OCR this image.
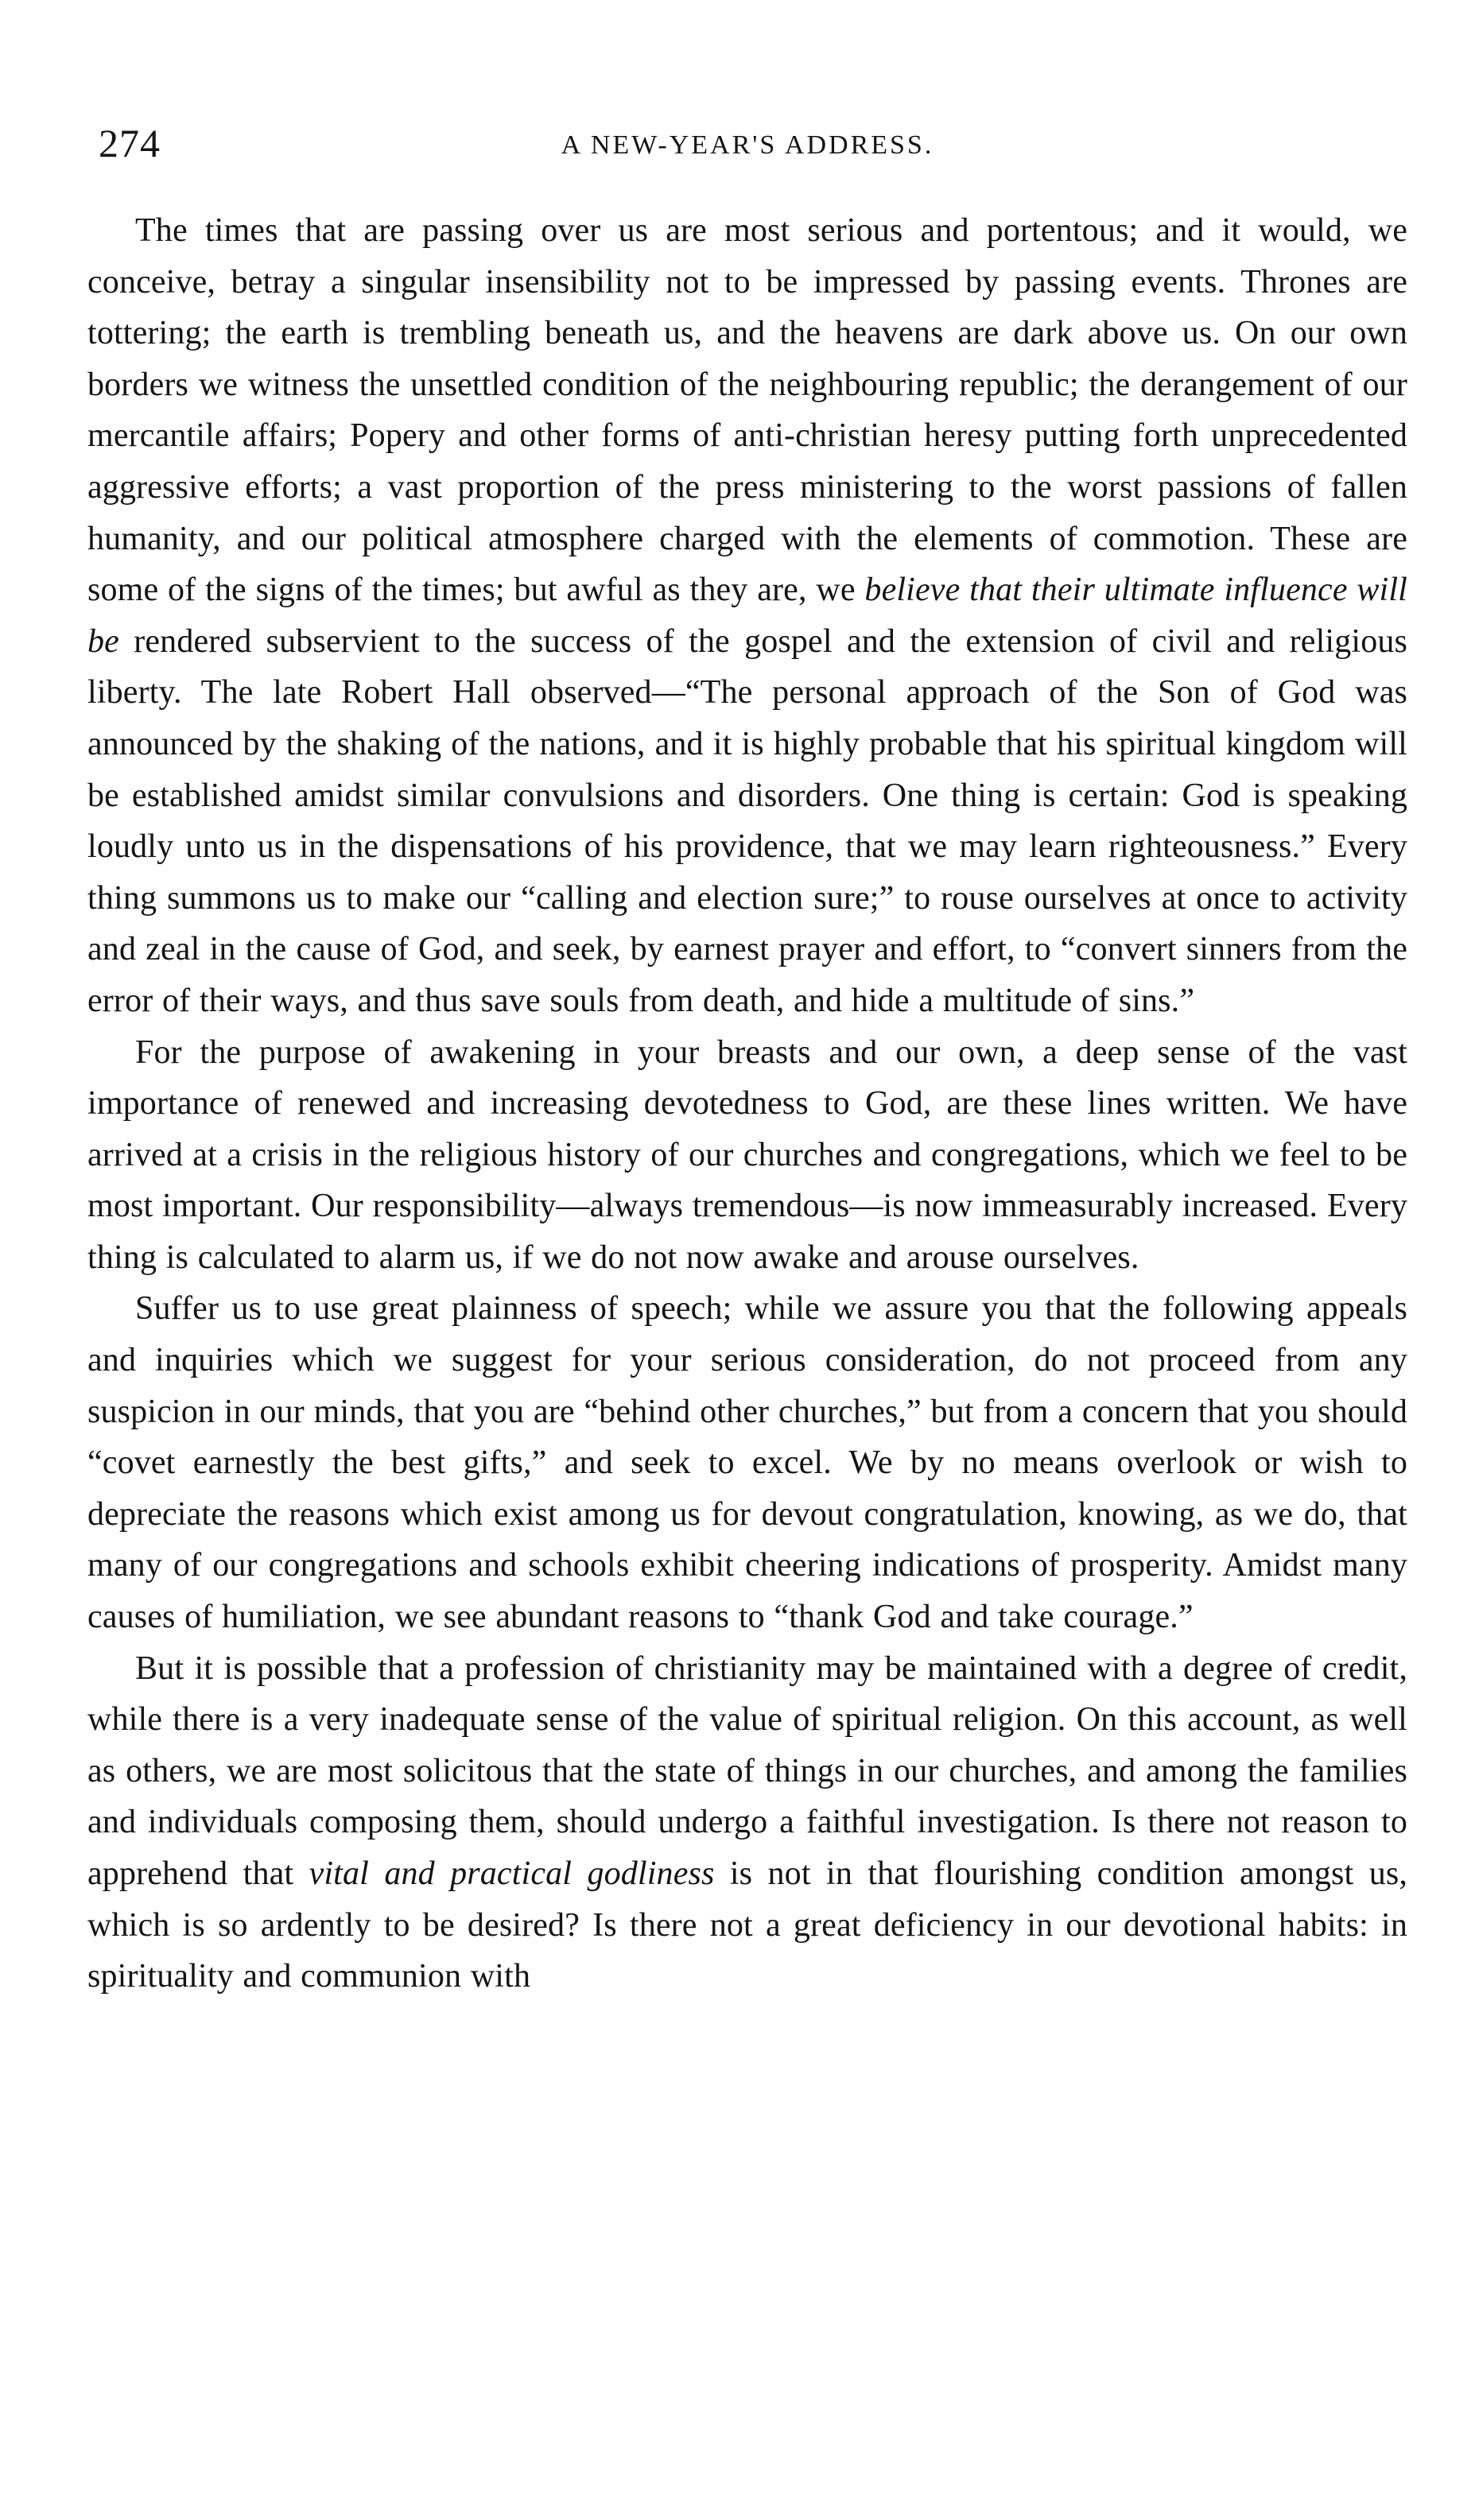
274	A NEW-YEAR'S ADDRESS.

The times that are passing over us are most serious and portentous; and it would, we conceive, betray a singular insensibility not to be impressed by passing events. Thrones are tottering; the earth is trembling beneath us, and the heavens are dark above us. On our own borders we witness the unsettled condition of the neighbouring republic; the derangement of our mercantile affairs; Popery and other forms of anti-christian heresy putting forth unprecedented aggressive efforts; a vast proportion of the press ministering to the worst passions of fallen humanity, and our political atmosphere charged with the elements of commotion. These are some of the signs of the times; but awful as they are, we believe that their ultimate influence will be rendered subservient to the success of the gospel and the extension of civil and religious liberty. The late Robert Hall observed—“The personal approach of the Son of God was announced by the shaking of the nations, and it is highly probable that his spiritual kingdom will be established amidst similar convulsions and disorders. One thing is certain: God is speaking loudly unto us in the dispensations of his providence, that we may learn righteousness.” Every thing summons us to make our “calling and election sure;” to rouse ourselves at once to activity and zeal in the cause of God, and seek, by earnest prayer and effort, to “convert sinners from the error of their ways, and thus save souls from death, and hide a multitude of sins.”

For the purpose of awakening in your breasts and our own, a deep sense of the vast importance of renewed and increasing devotedness to God, are these lines written. We have arrived at a crisis in the religious history of our churches and congregations, which we feel to be most important. Our responsibility—always tremendous—is now immeasurably increased. Every thing is calculated to alarm us, if we do not now awake and arouse ourselves.

Suffer us to use great plainness of speech; while we assure you that the following appeals and inquiries which we suggest for your serious consideration, do not proceed from any suspicion in our minds, that you are “behind other churches,” but from a concern that you should “covet earnestly the best gifts,” and seek to excel. We by no means overlook or wish to depreciate the reasons which exist among us for devout congratulation, knowing, as we do, that many of our congregations and schools exhibit cheering indications of prosperity. Amidst many causes of humiliation, we see abundant reasons to “thank God and take courage.”

But it is possible that a profession of christianity may be maintained with a degree of credit, while there is a very inadequate sense of the value of spiritual religion. On this account, as well as others, we are most solicitous that the state of things in our churches, and among the families and individuals composing them, should undergo a faithful investigation. Is there not reason to apprehend that vital and practical godliness is not in that flourishing condition amongst us, which is so ardently to be desired? Is there not a great deficiency in our devotional habits: in spirituality and communion with
